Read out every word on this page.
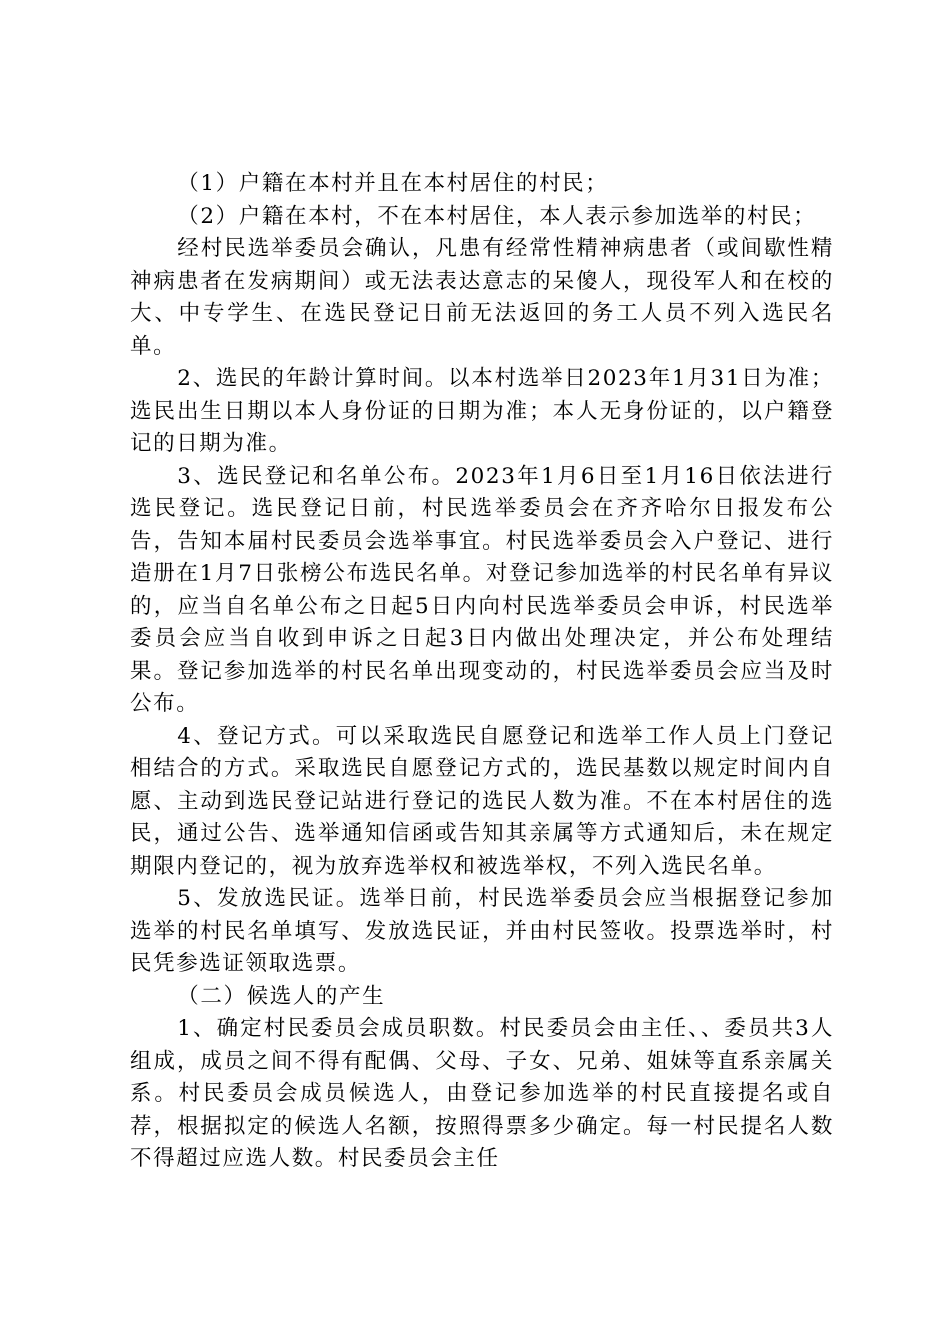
（1）户籍在本村并且在本村居住的村民；

（2）户籍在本村，不在本村居住，本人表示参加选举的村民；

经村民选举委员会确认，凡患有经常性精神病患者（或间歇性精神病患者在发病期间）或无法表达意志的呆傻人，现役军人和在校的大、中专学生、在选民登记日前无法返回的务工人员不列入选民名单。

2、选民的年龄计算时间。以本村选举日2023年1月31日为准；选民出生日期以本人身份证的日期为准；本人无身份证的，以户籍登记的日期为准。

3、选民登记和名单公布。2023年1月6日至1月16日依法进行选民登记。选民登记日前，村民选举委员会在齐齐哈尔日报发布公告，告知本届村民委员会选举事宜。村民选举委员会入户登记、进行造册在1月7日张榜公布选民名单。对登记参加选举的村民名单有异议的，应当自名单公布之日起5日内向村民选举委员会申诉，村民选举委员会应当自收到申诉之日起3日内做出处理决定，并公布处理结果。登记参加选举的村民名单出现变动的，村民选举委员会应当及时公布。

4、登记方式。可以采取选民自愿登记和选举工作人员上门登记相结合的方式。采取选民自愿登记方式的，选民基数以规定时间内自愿、主动到选民登记站进行登记的选民人数为准。不在本村居住的选民，通过公告、选举通知信函或告知其亲属等方式通知后，未在规定期限内登记的，视为放弃选举权和被选举权，不列入选民名单。

5、发放选民证。选举日前，村民选举委员会应当根据登记参加选举的村民名单填写、发放选民证，并由村民签收。投票选举时，村民凭参选证领取选票。

（二）候选人的产生

1、确定村民委员会成员职数。村民委员会由主任、、委员共3人组成，成员之间不得有配偶、父母、子女、兄弟、姐妹等直系亲属关系。村民委员会成员候选人，由登记参加选举的村民直接提名或自荐，根据拟定的候选人名额，按照得票多少确定。每一村民提名人数不得超过应选人数。村民委员会主任
